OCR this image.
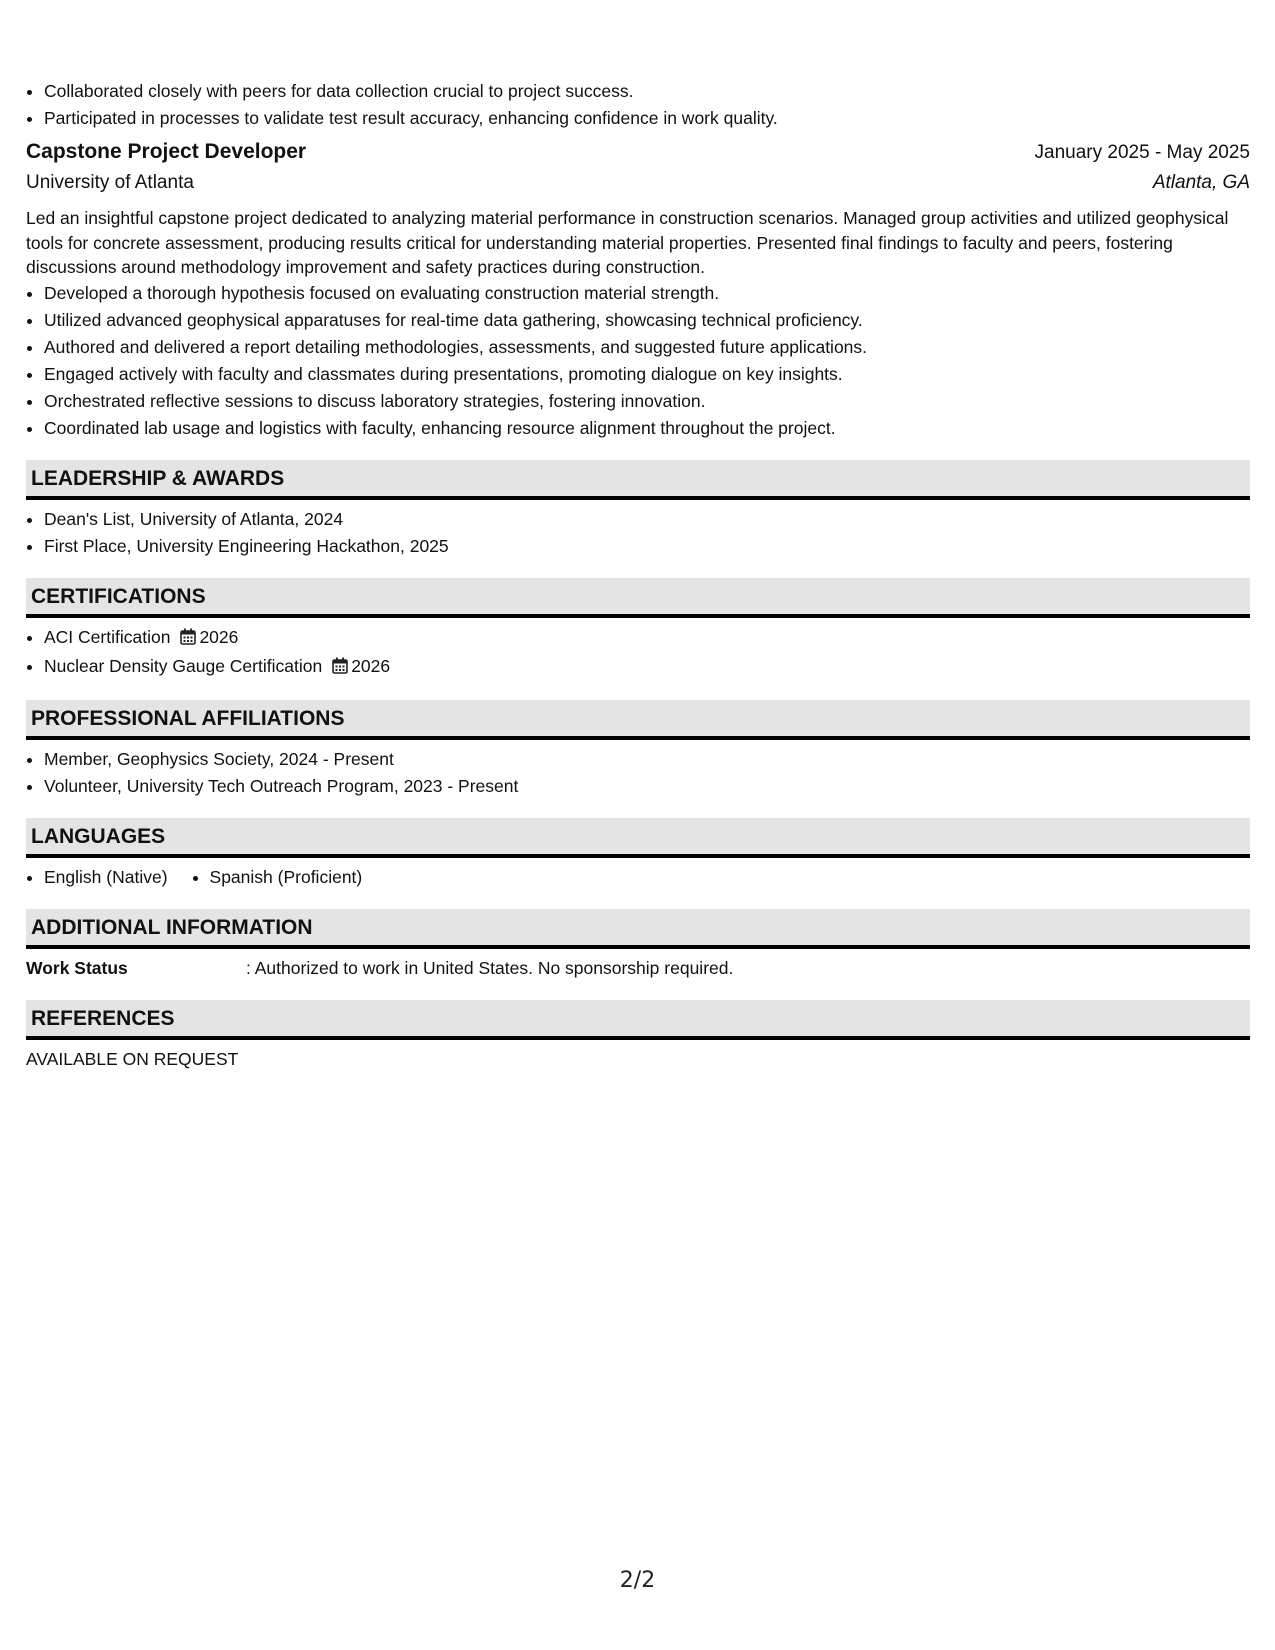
• Collaborated closely with peers for data collection crucial to project success.
• Participated in processes to validate test result accuracy, enhancing confidence in work quality.
Capstone Project Developer	January 2025 - May 2025
University of Atlanta	Atlanta, GA
Led an insightful capstone project dedicated to analyzing material performance in construction scenarios. Managed group activities and utilized geophysical tools for concrete assessment, producing results critical for understanding material properties. Presented final findings to faculty and peers, fostering discussions around methodology improvement and safety practices during construction.
• Developed a thorough hypothesis focused on evaluating construction material strength.
• Utilized advanced geophysical apparatuses for real-time data gathering, showcasing technical proficiency.
• Authored and delivered a report detailing methodologies, assessments, and suggested future applications.
• Engaged actively with faculty and classmates during presentations, promoting dialogue on key insights.
• Orchestrated reflective sessions to discuss laboratory strategies, fostering innovation.
• Coordinated lab usage and logistics with faculty, enhancing resource alignment throughout the project.
LEADERSHIP & AWARDS
• Dean's List, University of Atlanta, 2024
• First Place, University Engineering Hackathon, 2025
CERTIFICATIONS
• ACI Certification 2026
• Nuclear Density Gauge Certification 2026
PROFESSIONAL AFFILIATIONS
• Member, Geophysics Society, 2024 - Present
• Volunteer, University Tech Outreach Program, 2023 - Present
LANGUAGES
• English (Native)
• Spanish (Proficient)
ADDITIONAL INFORMATION
Work Status	: Authorized to work in United States. No sponsorship required.
REFERENCES
AVAILABLE ON REQUEST
2/2
